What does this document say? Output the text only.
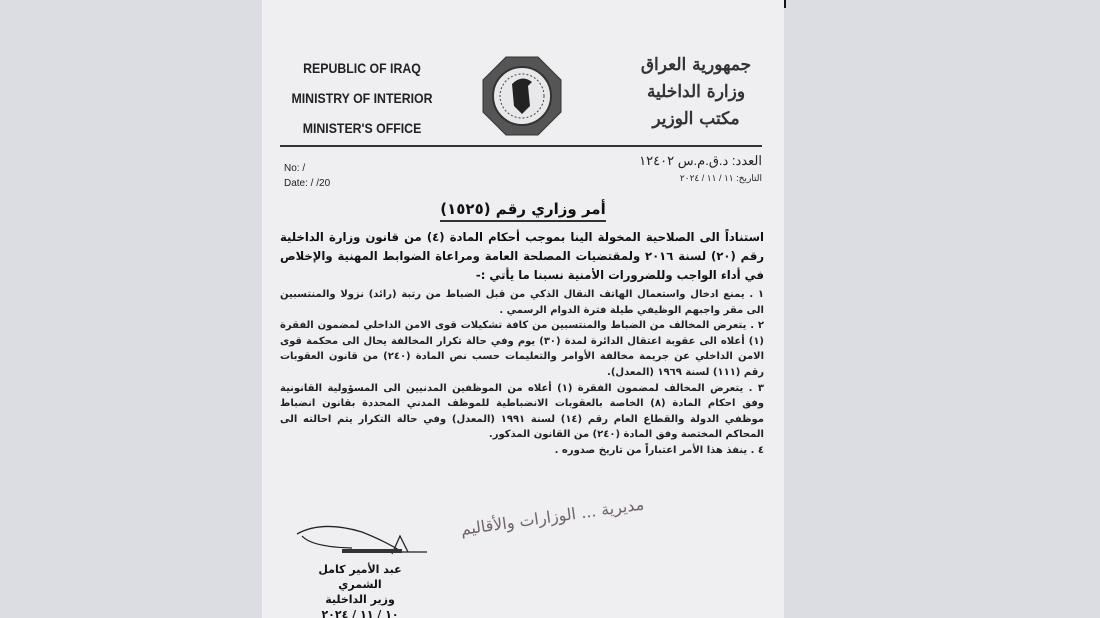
REPUBLIC OF IRAQ
MINISTRY OF INTERIOR
MINISTER'S OFFICE
جمهورية العراق
وزارة الداخلية
مكتب الوزير
No: /
Date: / /20
العدد: د.ق.م.س ١٢٤٠٢
التاريخ: ١١ / ١١ / ٢٠٢٤
أمر وزاري رقم (١٥٢٥)

استناداً الى الصلاحية المخولة الينا بموجب أحكام المادة (٤) من قانون وزارة الداخلية رقم (٢٠) لسنة ٢٠١٦ ولمقتضيات المصلحة العامة ومراعاة الضوابط المهنية والإخلاص في أداء الواجب وللضرورات الأمنية نسبنا ما يأتي :-

١ . يمنع ادخال واستعمال الهاتف النقال الذكي من قبل الضباط من رتبة (رائد) نزولا والمنتسبين الى مقر واجبهم الوظيفي طيلة فترة الدوام الرسمي .

٢ . يتعرض المخالف من الضباط والمنتسبين من كافة تشكيلات قوى الامن الداخلي لمضمون الفقرة (١) أعلاه الى عقوبة اعتقال الدائرة لمدة (٣٠) يوم وفي حالة تكرار المخالفة يحال الى محكمة قوى الامن الداخلي عن جريمة مخالفة الأوامر والتعليمات حسب نص المادة (٢٤٠) من قانون العقوبات رقم (١١١) لسنة ١٩٦٩ (المعدل).

٣ . يتعرض المخالف لمضمون الفقرة (١) أعلاه من الموظفين المدنيين الى المسؤولية القانونية وفق احكام المادة (٨) الخاصة بالعقوبات الانضباطية للموظف المدني المحددة بقانون انضباط موظفي الدولة والقطاع العام رقم (١٤) لسنة ١٩٩١ (المعدل) وفي حالة التكرار يتم احالته الى المحاكم المختصة وفق المادة (٢٤٠) من القانون المذكور.

٤ . ينفذ هذا الأمر اعتباراً من تاريخ صدوره .

مديرية ... الوزارات والأقاليم
عبد الأمير كامل الشمري
وزير الداخلية
١٠ / ١١ / ٢٠٢٤
